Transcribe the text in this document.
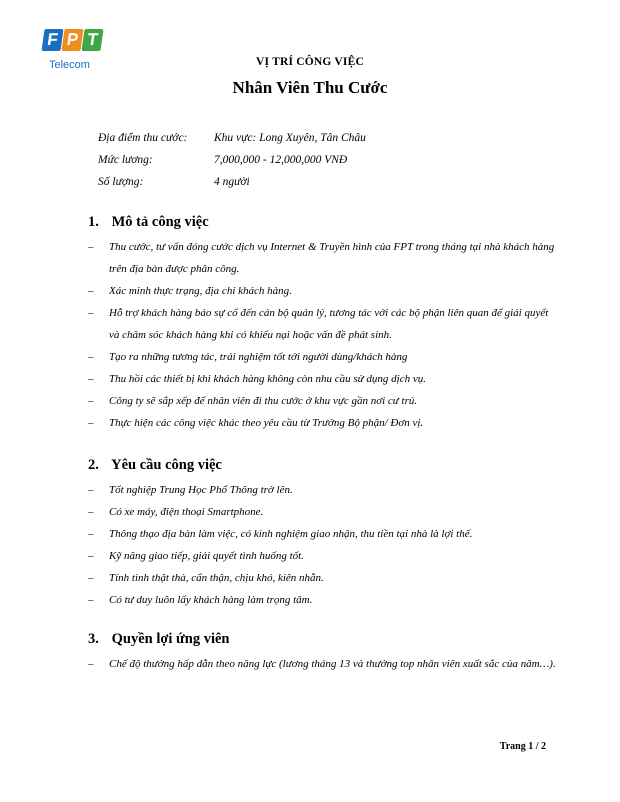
F P T
Telecom	VỊ TRÍ CÔNG VIỆC
Nhân Viên Thu Cước
Địa điểm thu cước:	Khu vực: Long Xuyên, Tân Châu
Mức lương:	7,000,000 - 12,000,000 VNĐ
Số lượng:	4 người
1. Mô tả công việc
– Thu cước, tư vấn đóng cước dịch vụ Internet & Truyền hình của FPT trong tháng tại nhà khách hàng trên địa bàn được phân công.
– Xác minh thực trạng, địa chỉ khách hàng.
– Hỗ trợ khách hàng báo sự cố đến cán bộ quản lý, tương tác với các bộ phận liên quan để giải quyết và chăm sóc khách hàng khi có khiếu nại hoặc vấn đề phát sinh.
– Tạo ra những tương tác, trải nghiệm tốt tới người dùng/khách hàng
– Thu hồi các thiết bị khi khách hàng không còn nhu cầu sử dụng dịch vụ.
– Công ty sẽ sắp xếp để nhân viên đi thu cước ở khu vực gần nơi cư trú.
– Thực hiện các công việc khác theo yêu cầu từ Trưởng Bộ phận/ Đơn vị.
2. Yêu cầu công việc
– Tốt nghiệp Trung Học Phổ Thông trở lên.
– Có xe máy, điện thoại Smartphone.
– Thông thạo địa bàn làm việc, có kinh nghiệm giao nhận, thu tiền tại nhà là lợi thế.
– Kỹ năng giao tiếp, giải quyết tình huống tốt.
– Tính tình thật thà, cẩn thận, chịu khó, kiên nhẫn.
– Có tư duy luôn lấy khách hàng làm trọng tâm.
3. Quyền lợi ứng viên
– Chế độ thưởng hấp dẫn theo năng lực (lương tháng 13 và thưởng top nhân viên xuất sắc của năm…).
Trang 1 / 2
